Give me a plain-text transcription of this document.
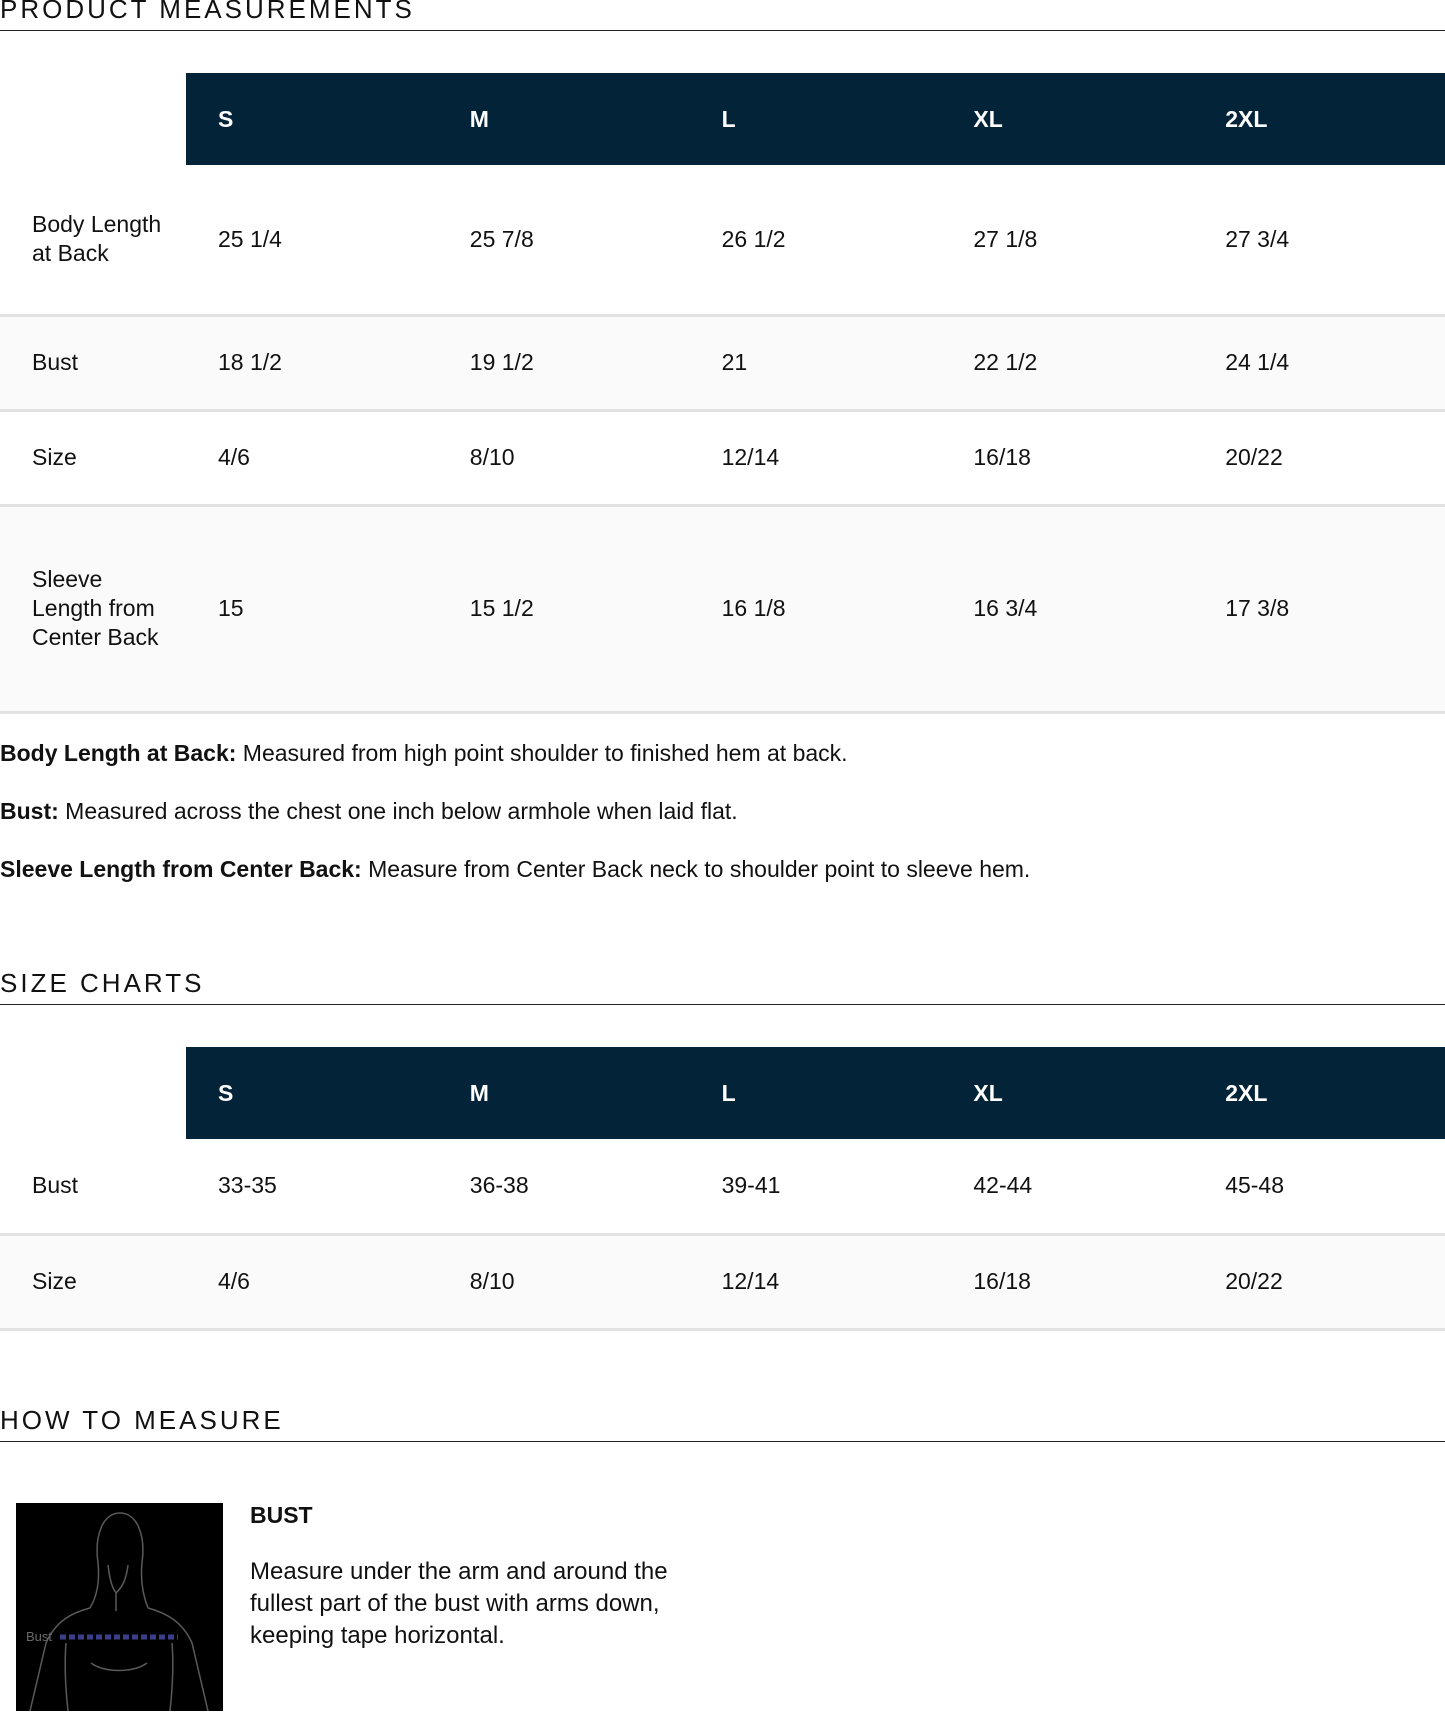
PRODUCT MEASUREMENTS
	S	M	L	XL	2XL
Body Length at Back	25 1/4	25 7/8	26 1/2	27 1/8	27 3/4
Bust	18 1/2	19 1/2	21	22 1/2	24 1/4
Size	4/6	8/10	12/14	16/18	20/22
Sleeve Length from Center Back	15	15 1/2	16 1/8	16 3/4	17 3/8

Body Length at Back: Measured from high point shoulder to finished hem at back.

Bust: Measured across the chest one inch below armhole when laid flat.

Sleeve Length from Center Back: Measure from Center Back neck to shoulder point to sleeve hem.

SIZE CHARTS
	S	M	L	XL	2XL
Bust	33-35	36-38	39-41	42-44	45-48
Size	4/6	8/10	12/14	16/18	20/22
HOW TO MEASURE
Bust
BUST
Measure under the arm and around the fullest part of the bust with arms down, keeping tape horizontal.
